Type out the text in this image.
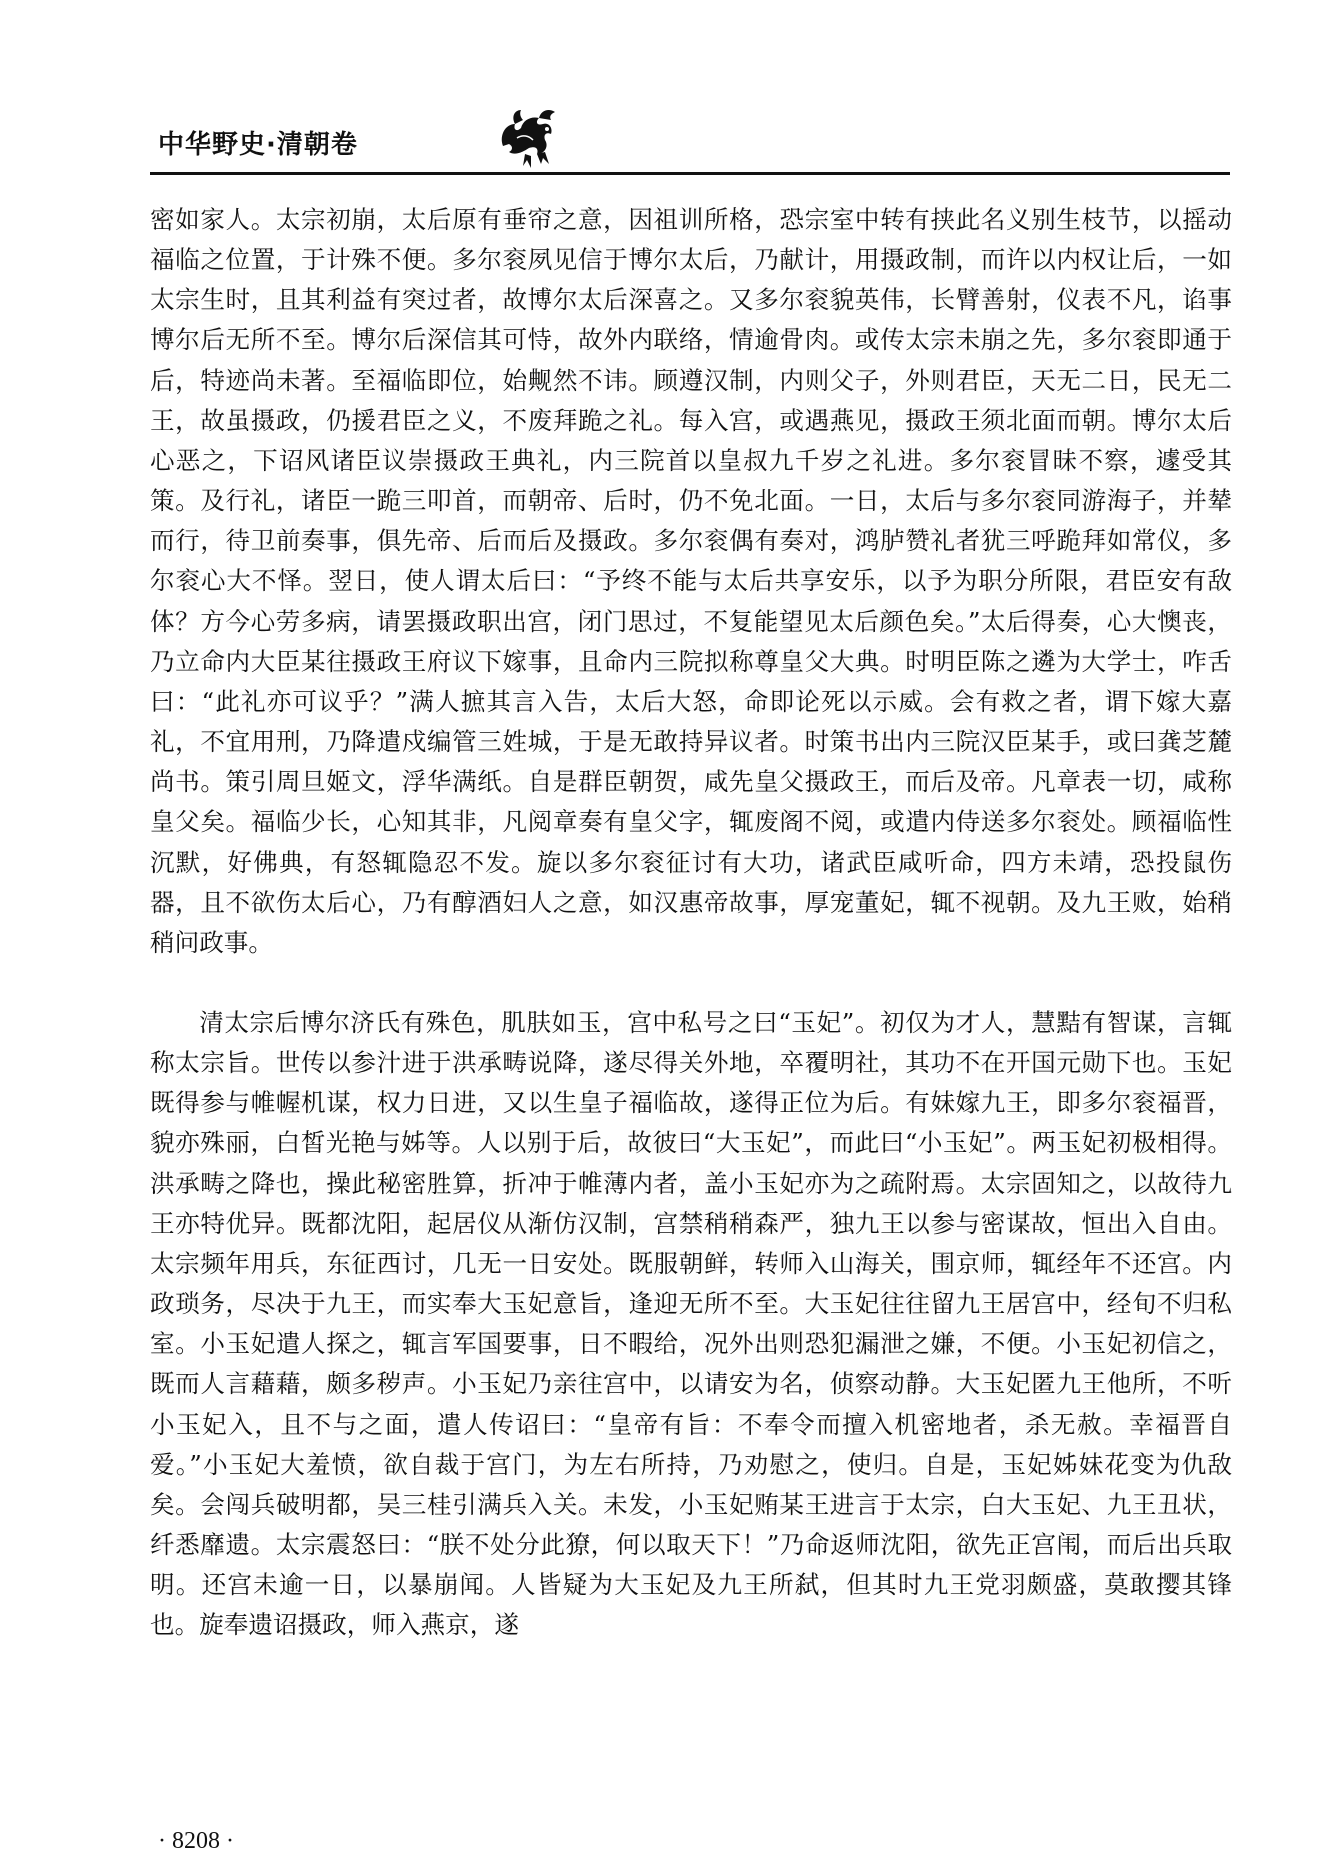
中华野史·清朝卷

密如家人。太宗初崩，太后原有垂帘之意，因祖训所格，恐宗室中转有挟此名义别生枝节，以摇动福临之位置，于计殊不便。多尔衮夙见信于博尔太后，乃献计，用摄政制，而许以内权让后，一如太宗生时，且其利益有突过者，故博尔太后深喜之。又多尔衮貌英伟，长臂善射，仪表不凡，谄事博尔后无所不至。博尔后深信其可恃，故外内联络，情逾骨肉。或传太宗未崩之先，多尔衮即通于后，特迹尚未著。至福临即位，始觍然不讳。顾遵汉制，内则父子，外则君臣，天无二日，民无二王，故虽摄政，仍援君臣之义，不废拜跪之礼。每入宫，或遇燕见，摄政王须北面而朝。博尔太后心恶之，下诏风诸臣议崇摄政王典礼，内三院首以皇叔九千岁之礼进。多尔衮冒昧不察，遽受其策。及行礼，诸臣一跪三叩首，而朝帝、后时，仍不免北面。一日，太后与多尔衮同游海子，并辇而行，待卫前奏事，俱先帝、后而后及摄政。多尔衮偶有奏对，鸿胪赞礼者犹三呼跪拜如常仪，多尔衮心大不怿。翌日，使人谓太后曰：“予终不能与太后共享安乐，以予为职分所限，君臣安有敌体？方今心劳多病，请罢摄政职出宫，闭门思过，不复能望见太后颜色矣。”太后得奏，心大懊丧，乃立命内大臣某往摄政王府议下嫁事，且命内三院拟称尊皇父大典。时明臣陈之遴为大学士，咋舌曰：“此礼亦可议乎？”满人摭其言入告，太后大怒，命即论死以示威。会有救之者，谓下嫁大嘉礼，不宜用刑，乃降遣戍编管三姓城，于是无敢持异议者。时策书出内三院汉臣某手，或曰龚芝麓尚书。策引周旦姬文，浮华满纸。自是群臣朝贺，咸先皇父摄政王，而后及帝。凡章表一切，咸称皇父矣。福临少长，心知其非，凡阅章奏有皇父字，辄废阁不阅，或遣内侍送多尔衮处。顾福临性沉默，好佛典，有怒辄隐忍不发。旋以多尔衮征讨有大功，诸武臣咸听命，四方未靖，恐投鼠伤器，且不欲伤太后心，乃有醇酒妇人之意，如汉惠帝故事，厚宠董妃，辄不视朝。及九王败，始稍稍问政事。

清太宗后博尔济氏有殊色，肌肤如玉，宫中私号之曰“玉妃”。初仅为才人，慧黠有智谋，言辄称太宗旨。世传以参汁进于洪承畴说降，遂尽得关外地，卒覆明社，其功不在开国元勋下也。玉妃既得参与帷幄机谋，权力日进，又以生皇子福临故，遂得正位为后。有妹嫁九王，即多尔衮福晋，貌亦殊丽，白皙光艳与姊等。人以别于后，故彼曰“大玉妃”，而此曰“小玉妃”。两玉妃初极相得。洪承畴之降也，操此秘密胜算，折冲于帷薄内者，盖小玉妃亦为之疏附焉。太宗固知之，以故待九王亦特优异。既都沈阳，起居仪从渐仿汉制，宫禁稍稍森严，独九王以参与密谋故，恒出入自由。太宗频年用兵，东征西讨，几无一日安处。既服朝鲜，转师入山海关，围京师，辄经年不还宫。内政琐务，尽决于九王，而实奉大玉妃意旨，逢迎无所不至。大玉妃往往留九王居宫中，经旬不归私室。小玉妃遣人探之，辄言军国要事，日不暇给，况外出则恐犯漏泄之嫌，不便。小玉妃初信之，既而人言藉藉，颇多秽声。小玉妃乃亲往宫中，以请安为名，侦察动静。大玉妃匿九王他所，不听小玉妃入，且不与之面，遣人传诏曰：“皇帝有旨：不奉令而擅入机密地者，杀无赦。幸福晋自爱。”小玉妃大羞愤，欲自裁于宫门，为左右所持，乃劝慰之，使归。自是，玉妃姊妹花变为仇敌矣。会闯兵破明都，吴三桂引满兵入关。未发，小玉妃贿某王进言于太宗，白大玉妃、九王丑状，纤悉靡遗。太宗震怒曰：“朕不处分此獠，何以取天下！”乃命返师沈阳，欲先正宫闱，而后出兵取明。还宫未逾一日，以暴崩闻。人皆疑为大玉妃及九王所弑，但其时九王党羽颇盛，莫敢撄其锋也。旋奉遗诏摄政，师入燕京，遂

· 8208 ·
